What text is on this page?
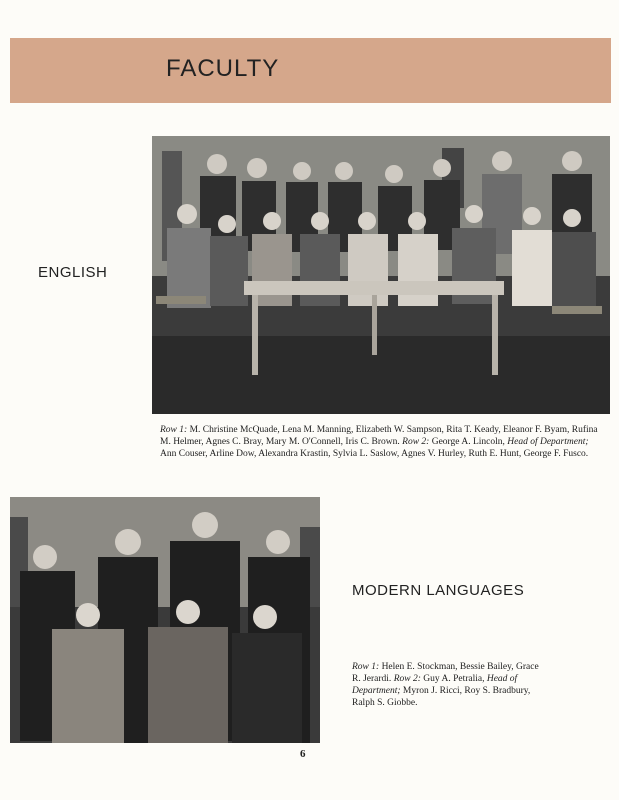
FACULTY
ENGLISH
Row 1: M. Christine McQuade, Lena M. Manning, Elizabeth W. Sampson, Rita T. Keady, Eleanor F. Byam, Rufina M. Helmer, Agnes C. Bray, Mary M. O'Connell, Iris C. Brown. Row 2: George A. Lincoln, Head of Department; Ann Couser, Arline Dow, Alexandra Krastin, Sylvia L. Saslow, Agnes V. Hurley, Ruth E. Hunt, George F. Fusco.
MODERN LANGUAGES
Row 1: Helen E. Stockman, Bessie Bailey, Grace R. Jerardi. Row 2: Guy A. Petralia, Head of Department; Myron J. Ricci, Roy S. Bradbury, Ralph S. Giobbe.
6
